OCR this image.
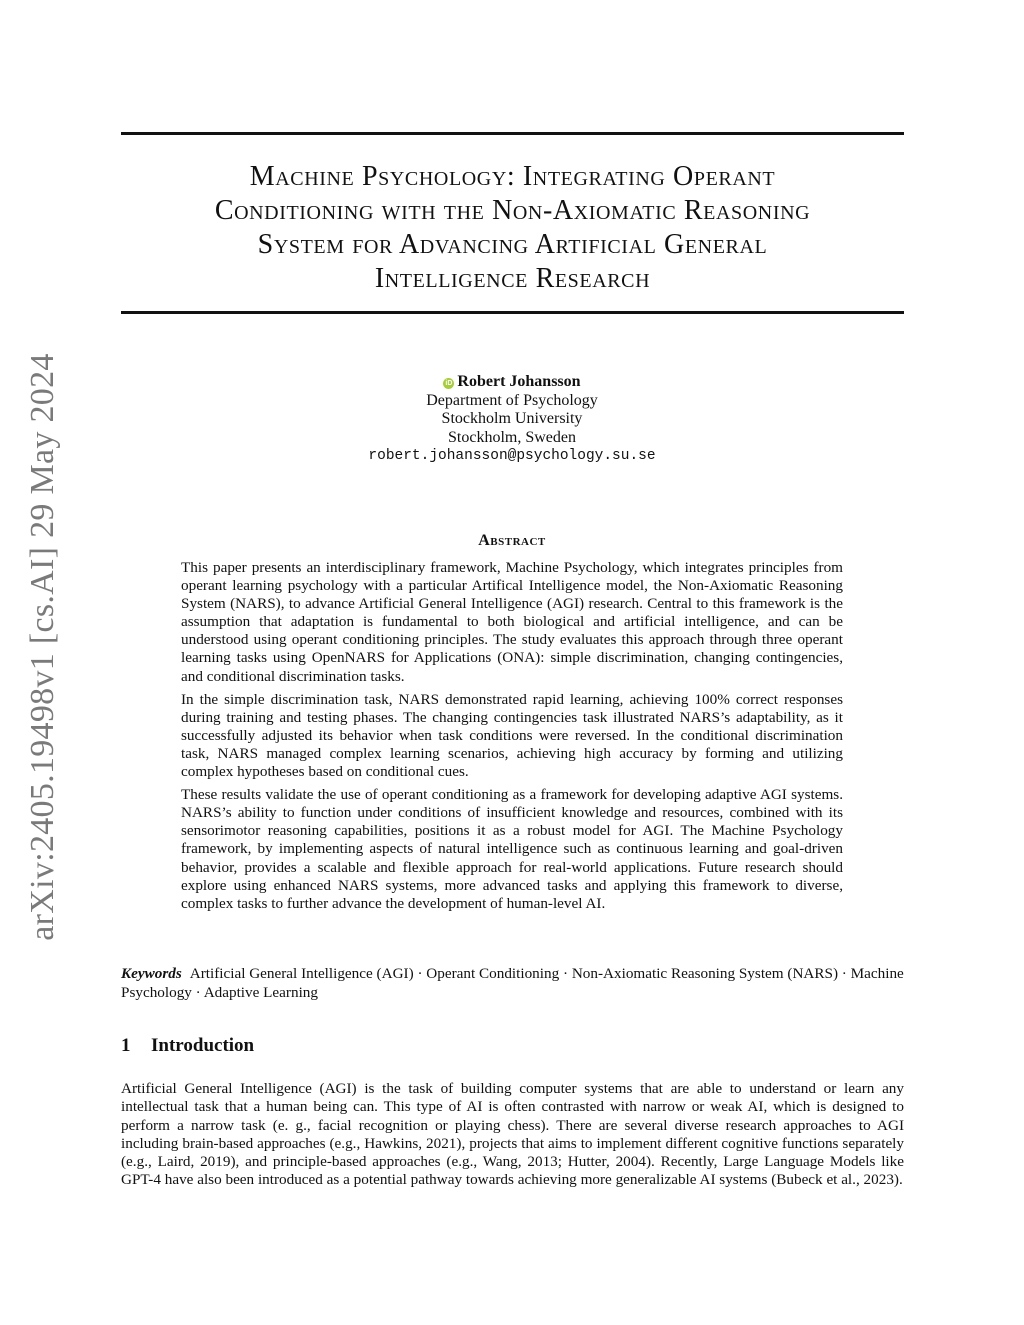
arXiv:2405.19498v1 [cs.AI] 29 May 2024
Machine Psychology: Integrating Operant
Conditioning with the Non-Axiomatic Reasoning
System for Advancing Artificial General
Intelligence Research
iD Robert Johansson
Department of Psychology
Stockholm University
Stockholm, Sweden
robert.johansson@psychology.su.se
Abstract

This paper presents an interdisciplinary framework, Machine Psychology, which integrates principles from operant learning psychology with a particular Artifical Intelligence model, the Non-Axiomatic Reasoning System (NARS), to advance Artificial General Intelligence (AGI) research. Central to this framework is the assumption that adaptation is fundamental to both biological and artificial intelligence, and can be understood using operant conditioning principles. The study evaluates this approach through three operant learning tasks using OpenNARS for Applications (ONA): simple discrimination, changing contingencies, and conditional discrimination tasks.

In the simple discrimination task, NARS demonstrated rapid learning, achieving 100% correct responses during training and testing phases. The changing contingencies task illustrated NARS’s adaptability, as it successfully adjusted its behavior when task conditions were reversed. In the conditional discrimination task, NARS managed complex learning scenarios, achieving high accuracy by forming and utilizing complex hypotheses based on conditional cues.

These results validate the use of operant conditioning as a framework for developing adaptive AGI systems. NARS’s ability to function under conditions of insufficient knowledge and resources, combined with its sensorimotor reasoning capabilities, positions it as a robust model for AGI. The Machine Psychology framework, by implementing aspects of natural intelligence such as continuous learning and goal-driven behavior, provides a scalable and flexible approach for real-world applications. Future research should explore using enhanced NARS systems, more advanced tasks and applying this framework to diverse, complex tasks to further advance the development of human-level AI.

Keywords Artificial General Intelligence (AGI) · Operant Conditioning · Non-Axiomatic Reasoning System (NARS) · Machine Psychology · Adaptive Learning
1 Introduction

Artificial General Intelligence (AGI) is the task of building computer systems that are able to understand or learn any intellectual task that a human being can. This type of AI is often contrasted with narrow or weak AI, which is designed to perform a narrow task (e. g., facial recognition or playing chess). There are several diverse research approaches to AGI including brain-based approaches (e.g., Hawkins, 2021), projects that aims to implement different cognitive functions separately (e.g., Laird, 2019), and principle-based approaches (e.g., Wang, 2013; Hutter, 2004). Recently, Large Language Models like GPT-4 have also been introduced as a potential pathway towards achieving more generalizable AI systems (Bubeck et al., 2023).
